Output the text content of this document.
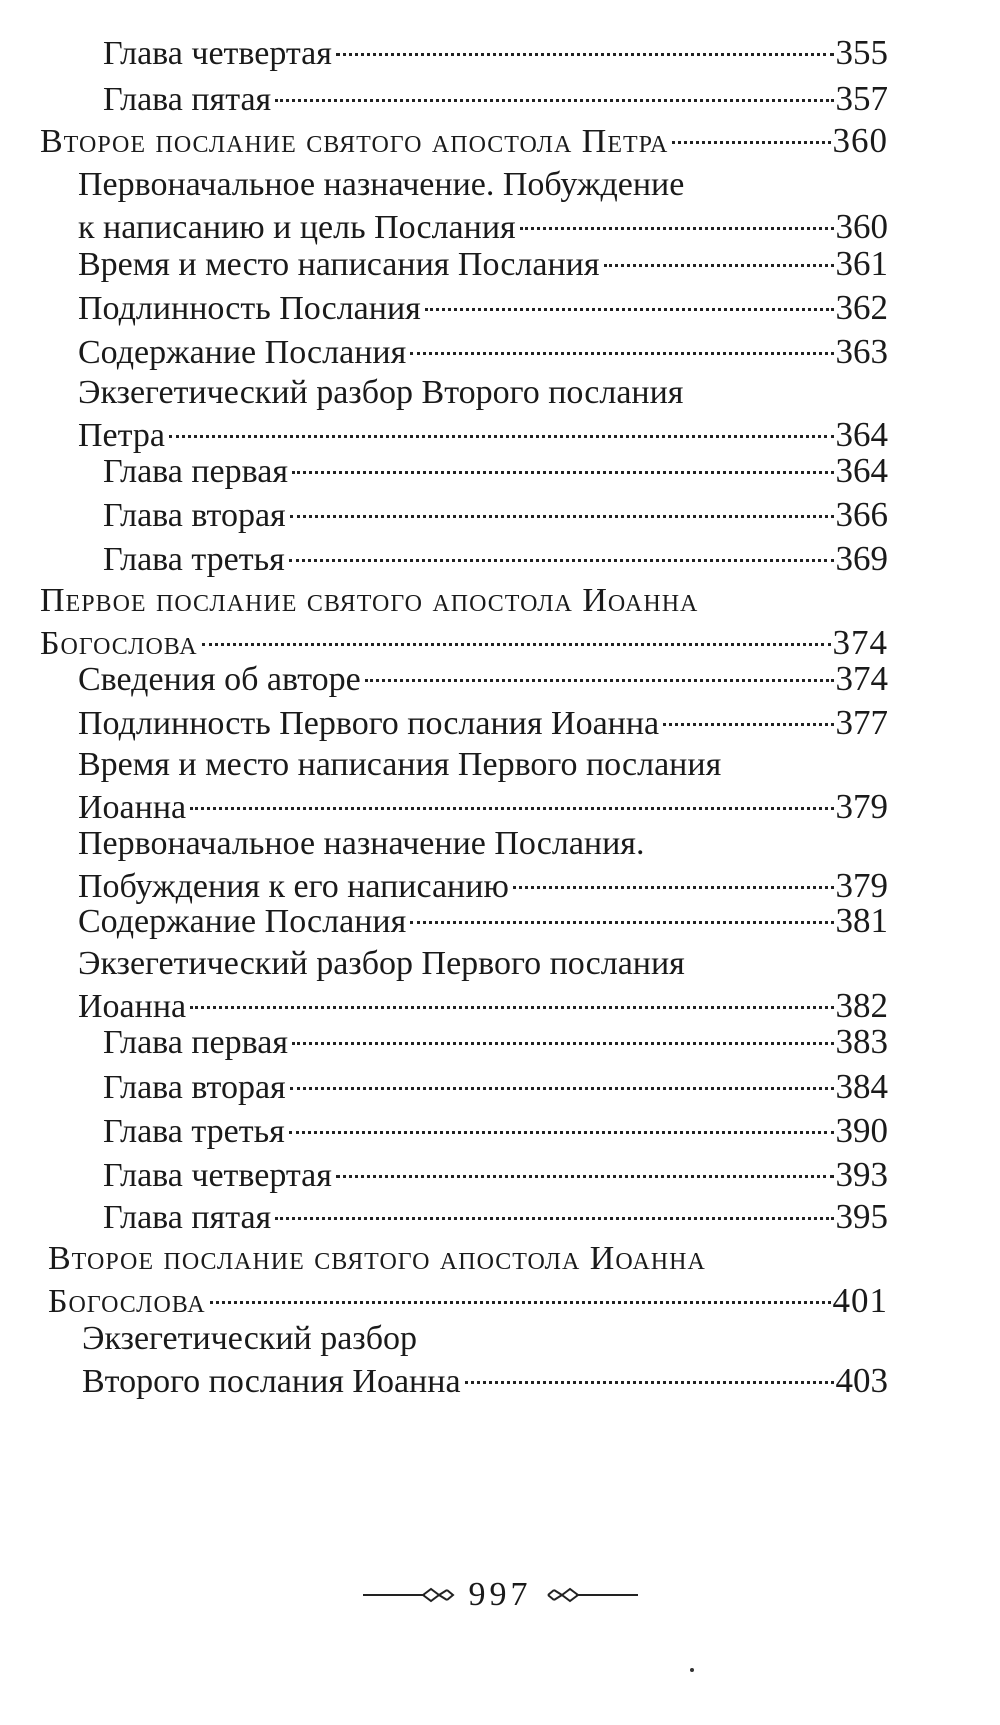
Глава четвертая	355
Глава пятая	357
Второе послание святого апостола Петра	360
Первоначальное назначение. Побуждение
к написанию и цель Послания	360
Время и место написания Послания	361
Подлинность Послания	362
Содержание Послания	363
Экзегетический разбор Второго послания
Петра	364
Глава первая	364
Глава вторая	366
Глава третья	369
Первое послание святого апостола Иоанна
Богослова	374
Сведения об авторе	374
Подлинность Первого послания Иоанна	377
Время и место написания Первого послания
Иоанна	379
Первоначальное назначение Послания.
Побуждения к его написанию	379
Содержание Послания	381
Экзегетический разбор Первого послания
Иоанна	382
Глава первая	383
Глава вторая	384
Глава третья	390
Глава четвертая	393
Глава пятая	395
Второе послание святого апостола Иоанна
Богослова	401
Экзегетический разбор
Второго послания Иоанна	403
997
